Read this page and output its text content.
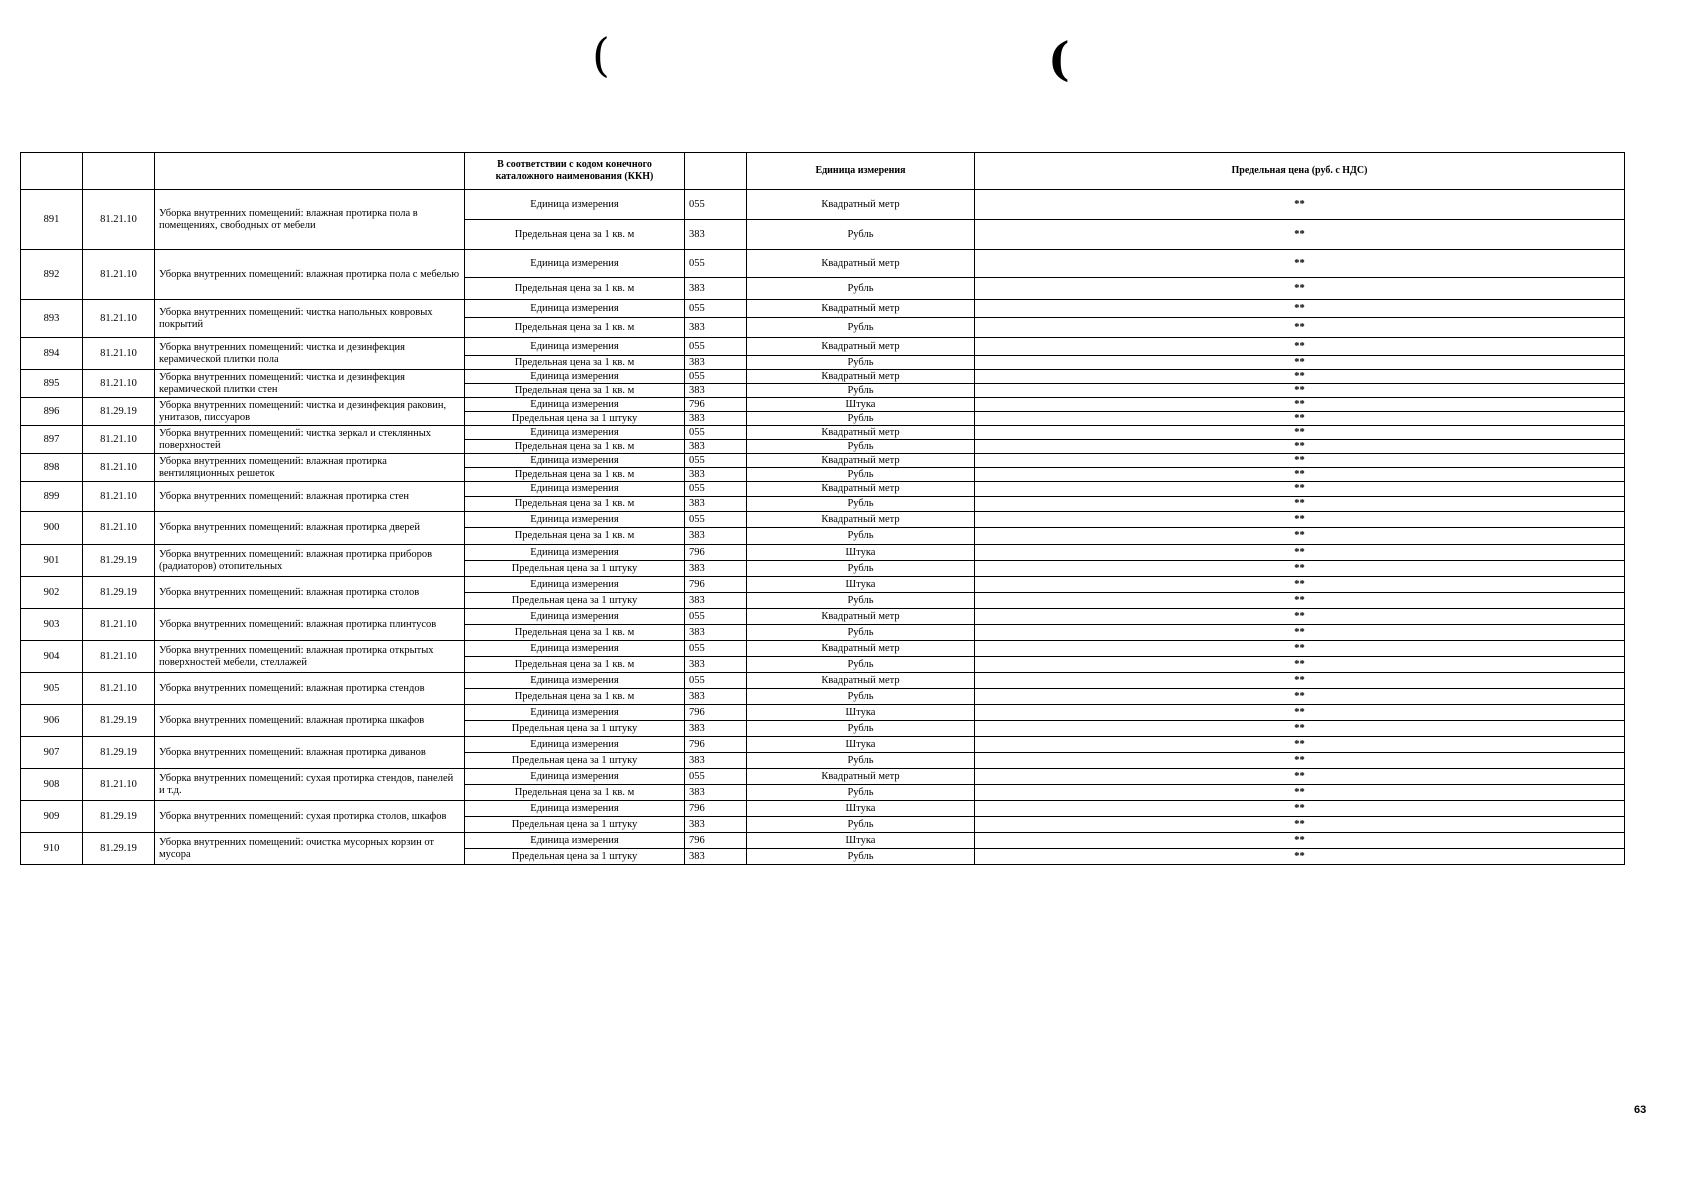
(	(
			В соответствии с кодом конечного каталожного наименования (ККН)		Единица измерения	Предельная цена (руб. с НДС)
891	81.21.10	Уборка внутренних помещений: влажная протирка пола в помещениях, свободных от мебели	Единица измерения	055	Квадратный метр	**
			Предельная цена за 1 кв. м	383	Рубль	**
892	81.21.10	Уборка внутренних помещений: влажная протирка пола с мебелью	Единица измерения	055	Квадратный метр	**
			Предельная цена за 1 кв. м	383	Рубль	**
893	81.21.10	Уборка внутренних помещений: чистка напольных ковровых покрытий	Единица измерения	055	Квадратный метр	**
			Предельная цена за 1 кв. м	383	Рубль	**
894	81.21.10	Уборка внутренних помещений: чистка и дезинфекция керамической плитки пола	Единица измерения	055	Квадратный метр	**
			Предельная цена за 1 кв. м	383	Рубль	**
895	81.21.10	Уборка внутренних помещений: чистка и дезинфекция керамической плитки стен	Единица измерения	055	Квадратный метр	**
			Предельная цена за 1 кв. м	383	Рубль	**
896	81.29.19	Уборка внутренних помещений: чистка и дезинфекция раковин, унитазов, писсуаров	Единица измерения	796	Штука	**
			Предельная цена за 1 штуку	383	Рубль	**
897	81.21.10	Уборка внутренних помещений: чистка зеркал и стеклянных поверхностей	Единица измерения	055	Квадратный метр	**
			Предельная цена за 1 кв. м	383	Рубль	**
898	81.21.10	Уборка внутренних помещений: влажная протирка вентиляционных решеток	Единица измерения	055	Квадратный метр	**
			Предельная цена за 1 кв. м	383	Рубль	**
899	81.21.10	Уборка внутренних помещений: влажная протирка стен	Единица измерения	055	Квадратный метр	**
			Предельная цена за 1 кв. м	383	Рубль	**
900	81.21.10	Уборка внутренних помещений: влажная протирка дверей	Единица измерения	055	Квадратный метр	**
			Предельная цена за 1 кв. м	383	Рубль	**
901	81.29.19	Уборка внутренних помещений: влажная протирка приборов (радиаторов) отопительных	Единица измерения	796	Штука	**
			Предельная цена за 1 штуку	383	Рубль	**
902	81.29.19	Уборка внутренних помещений: влажная протирка столов	Единица измерения	796	Штука	**
			Предельная цена за 1 штуку	383	Рубль	**
903	81.21.10	Уборка внутренних помещений: влажная протирка плинтусов	Единица измерения	055	Квадратный метр	**
			Предельная цена за 1 кв. м	383	Рубль	**
904	81.21.10	Уборка внутренних помещений: влажная протирка открытых поверхностей мебели, стеллажей	Единица измерения	055	Квадратный метр	**
			Предельная цена за 1 кв. м	383	Рубль	**
905	81.21.10	Уборка внутренних помещений: влажная протирка стендов	Единица измерения	055	Квадратный метр	**
			Предельная цена за 1 кв. м	383	Рубль	**
906	81.29.19	Уборка внутренних помещений: влажная протирка шкафов	Единица измерения	796	Штука	**
			Предельная цена за 1 штуку	383	Рубль	**
907	81.29.19	Уборка внутренних помещений: влажная протирка диванов	Единица измерения	796	Штука	**
			Предельная цена за 1 штуку	383	Рубль	**
908	81.21.10	Уборка внутренних помещений: сухая протирка стендов, панелей и т.д.	Единица измерения	055	Квадратный метр	**
			Предельная цена за 1 кв. м	383	Рубль	**
909	81.29.19	Уборка внутренних помещений: сухая протирка столов, шкафов	Единица измерения	796	Штука	**
			Предельная цена за 1 штуку	383	Рубль	**
910	81.29.19	Уборка внутренних помещений: очистка мусорных корзин от мусора	Единица измерения	796	Штука	**
			Предельная цена за 1 штуку	383	Рубль	**
63
